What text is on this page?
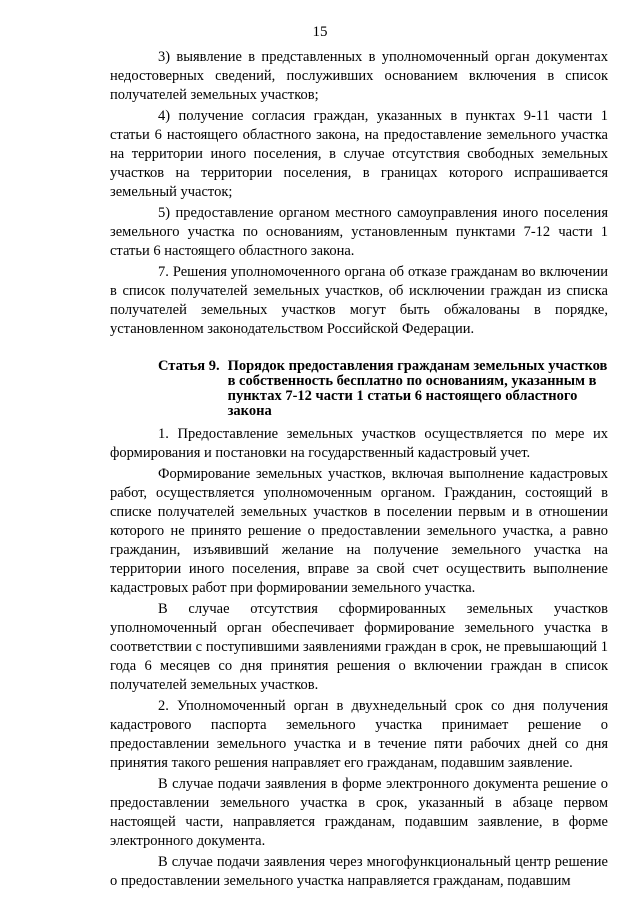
15

3) выявление в представленных в уполномоченный орган документах недостоверных сведений, послуживших основанием включения в список получателей земельных участков;

4) получение согласия граждан, указанных в пунктах 9-11 части 1 статьи 6 настоящего областного закона, на предоставление земельного участка на территории иного поселения, в случае отсутствия свободных земельных участков на территории поселения, в границах которого испрашивается земельный участок;

5) предоставление органом местного самоуправления иного поселения земельного участка по основаниям, установленным пунктами 7-12 части 1 статьи 6 настоящего областного закона.

7. Решения уполномоченного органа об отказе гражданам во включении в список получателей земельных участков, об исключении граждан из списка получателей земельных участков могут быть обжалованы в порядке, установленном законодательством Российской Федерации.

Статья 9. Порядок предоставления гражданам земельных участков в собственность бесплатно по основаниям, указанным в пунктах 7-12 части 1 статьи 6 настоящего областного закона

1. Предоставление земельных участков осуществляется по мере их формирования и постановки на государственный кадастровый учет.

Формирование земельных участков, включая выполнение кадастровых работ, осуществляется уполномоченным органом. Гражданин, состоящий в списке получателей земельных участков в поселении первым и в отношении которого не принято решение о предоставлении земельного участка, а равно гражданин, изъявивший желание на получение земельного участка на территории иного поселения, вправе за свой счет осуществить выполнение кадастровых работ при формировании земельного участка.

В случае отсутствия сформированных земельных участков уполномоченный орган обеспечивает формирование земельного участка в соответствии с поступившими заявлениями граждан в срок, не превышающий 1 года 6 месяцев со дня принятия решения о включении граждан в список получателей земельных участков.

2. Уполномоченный орган в двухнедельный срок со дня получения кадастрового паспорта земельного участка принимает решение о предоставлении земельного участка и в течение пяти рабочих дней со дня принятия такого решения направляет его гражданам, подавшим заявление.

В случае подачи заявления в форме электронного документа решение о предоставлении земельного участка в срок, указанный в абзаце первом настоящей части, направляется гражданам, подавшим заявление, в форме электронного документа.

В случае подачи заявления через многофункциональный центр решение о предоставлении земельного участка направляется гражданам, подавшим
